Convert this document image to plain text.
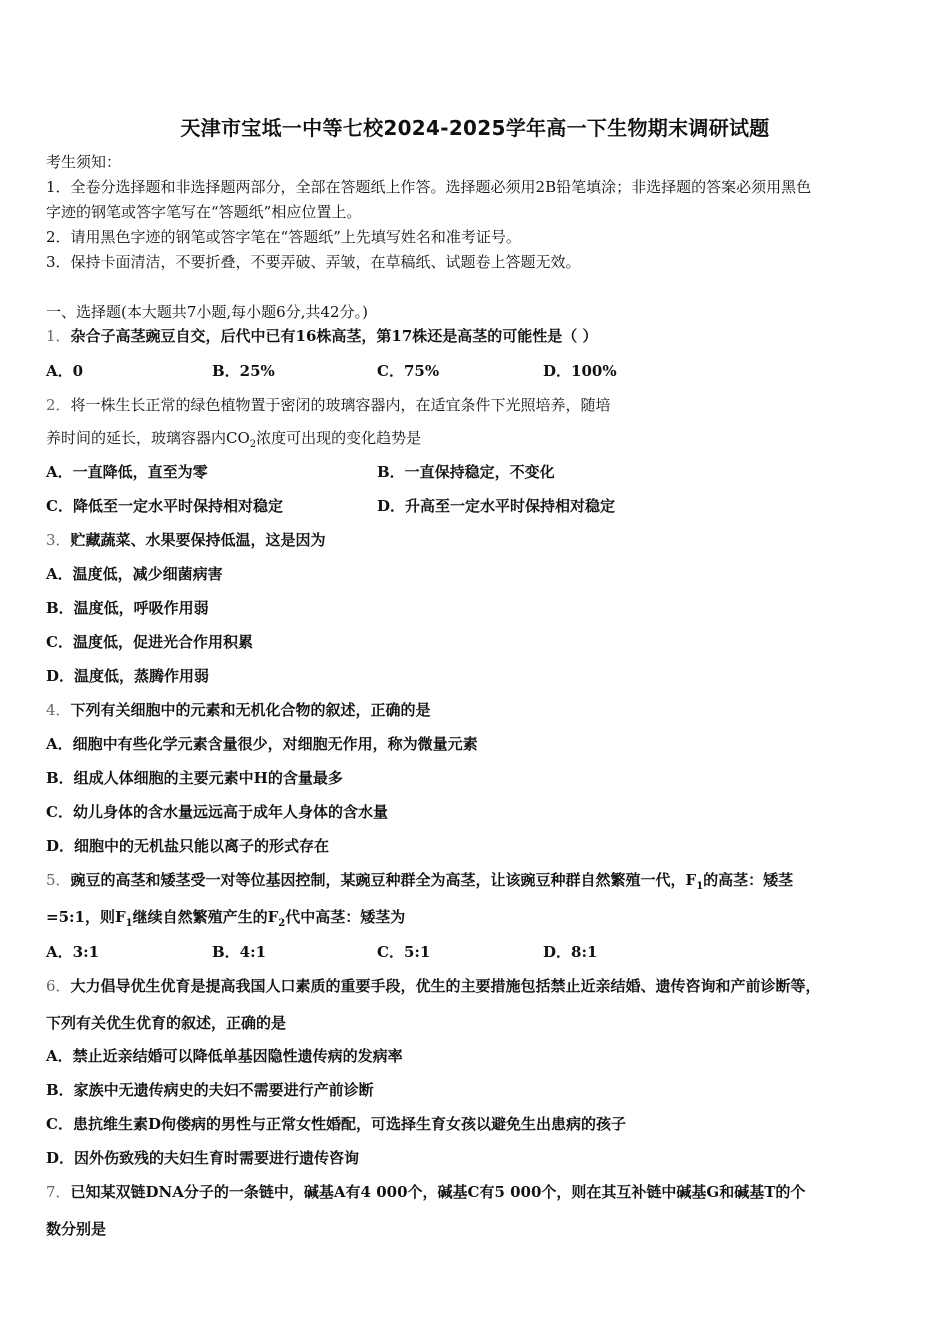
天津市宝坻一中等七校2024-2025学年高一下生物期末调研试题
考生须知：
1．全卷分选择题和非选择题两部分，全部在答题纸上作答。选择题必须用2B铅笔填涂；非选择题的答案必须用黑色
字迹的钢笔或答字笔写在“答题纸”相应位置上。
2．请用黑色字迹的钢笔或答字笔在“答题纸”上先填写姓名和准考证号。
3．保持卡面清洁，不要折叠，不要弄破、弄皱，在草稿纸、试题卷上答题无效。
一、选择题(本大题共7小题,每小题6分,共42分。)
1．杂合子高茎豌豆自交，后代中已有16株高茎，第17株还是高茎的可能性是（ ）
A．0	B．25%	C．75%	D．100%
2．将一株生长正常的绿色植物置于密闭的玻璃容器内，在适宜条件下光照培养，随培
养时间的延长，玻璃容器内$CO_2$浓度可出现的变化趋势是
A．一直降低，直至为零	B．一直保持稳定，不变化
C．降低至一定水平时保持相对稳定	D．升高至一定水平时保持相对稳定
3．贮藏蔬菜、水果要保持低温，这是因为
A．温度低，减少细菌病害
B．温度低，呼吸作用弱
C．温度低，促进光合作用积累
D．温度低，蒸腾作用弱
4．下列有关细胞中的元素和无机化合物的叙述，正确的是
A．细胞中有些化学元素含量很少，对细胞无作用，称为微量元素
B．组成人体细胞的主要元素中H的含量最多
C．幼儿身体的含水量远远高于成年人身体的含水量
D．细胞中的无机盐只能以离子的形式存在
5．豌豆的高茎和矮茎受一对等位基因控制，某豌豆种群全为高茎，让该豌豆种群自然繁殖一代，$F_1$的高茎：矮茎
=5:1，则$F_1$继续自然繁殖产生的$F_2$代中高茎：矮茎为
A．3:1	B．4:1	C．5:1	D．8:1
6．大力倡导优生优育是提高我国人口素质的重要手段，优生的主要措施包括禁止近亲结婚、遗传咨询和产前诊断等，
下列有关优生优育的叙述，正确的是
A．禁止近亲结婚可以降低单基因隐性遗传病的发病率
B．家族中无遗传病史的夫妇不需要进行产前诊断
C．患抗维生素D佝偻病的男性与正常女性婚配，可选择生育女孩以避免生出患病的孩子
D．因外伤致残的夫妇生育时需要进行遗传咨询
7．已知某双链DNA分子的一条链中，碱基A有4 000个，碱基C有5 000个，则在其互补链中碱基G和碱基T的个
数分别是
